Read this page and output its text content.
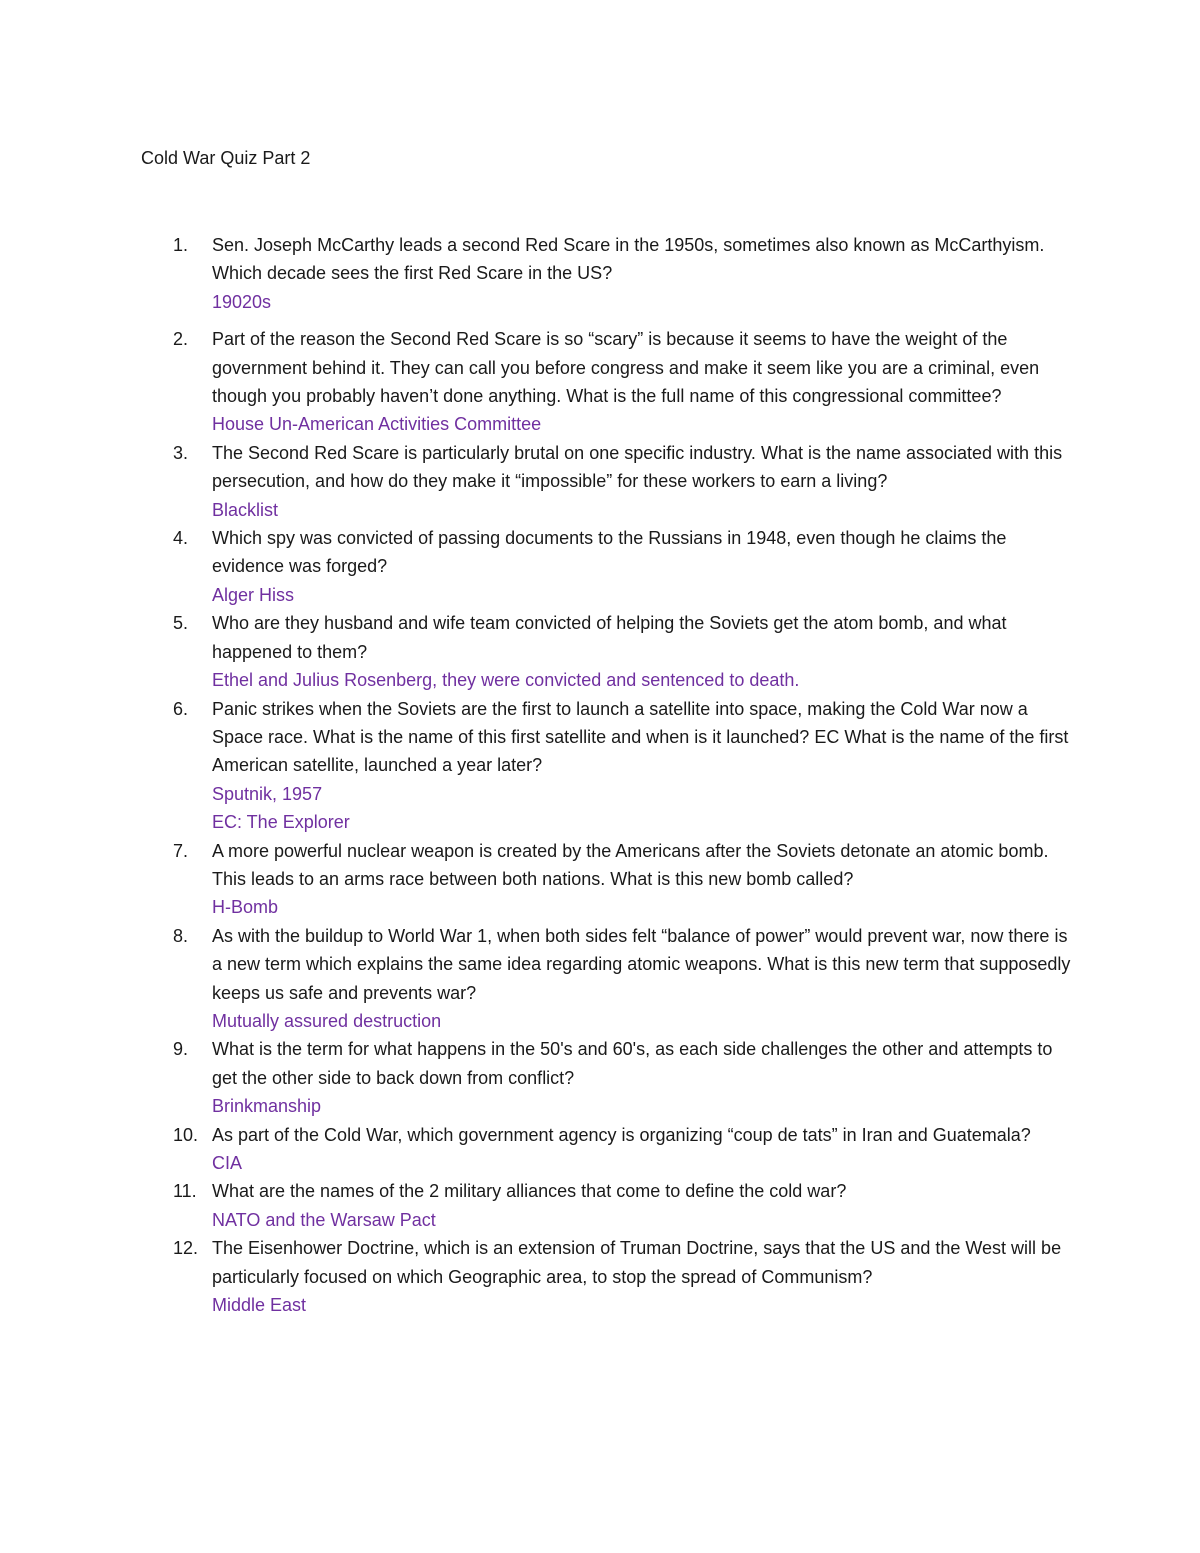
Cold War Quiz Part 2
1. Sen. Joseph McCarthy leads a second Red Scare in the 1950s, sometimes also known as McCarthyism. Which decade sees the first Red Scare in the US?
19020s
2. Part of the reason the Second Red Scare is so “scary” is because it seems to have the weight of the government behind it. They can call you before congress and make it seem like you are a criminal, even though you probably haven’t done anything. What is the full name of this congressional committee?
House Un-American Activities Committee
3. The Second Red Scare is particularly brutal on one specific industry. What is the name associated with this persecution, and how do they make it “impossible” for these workers to earn a living?
Blacklist
4. Which spy was convicted of passing documents to the Russians in 1948, even though he claims the evidence was forged?
Alger Hiss
5. Who are they husband and wife team convicted of helping the Soviets get the atom bomb, and what happened to them?
Ethel and Julius Rosenberg, they were convicted and sentenced to death.
6. Panic strikes when the Soviets are the first to launch a satellite into space, making the Cold War now a Space race. What is the name of this first satellite and when is it launched? EC What is the name of the first American satellite, launched a year later?
Sputnik, 1957
EC: The Explorer
7. A more powerful nuclear weapon is created by the Americans after the Soviets detonate an atomic bomb. This leads to an arms race between both nations. What is this new bomb called?
H-Bomb
8. As with the buildup to World War 1, when both sides felt “balance of power” would prevent war, now there is a new term which explains the same idea regarding atomic weapons. What is this new term that supposedly keeps us safe and prevents war?
Mutually assured destruction
9. What is the term for what happens in the 50's and 60's, as each side challenges the other and attempts to get the other side to back down from conflict?
Brinkmanship
10. As part of the Cold War, which government agency is organizing “coup de tats” in Iran and Guatemala?
CIA
11. What are the names of the 2 military alliances that come to define the cold war?
NATO and the Warsaw Pact
12. The Eisenhower Doctrine, which is an extension of Truman Doctrine, says that the US and the West will be particularly focused on which Geographic area, to stop the spread of Communism?
Middle East
